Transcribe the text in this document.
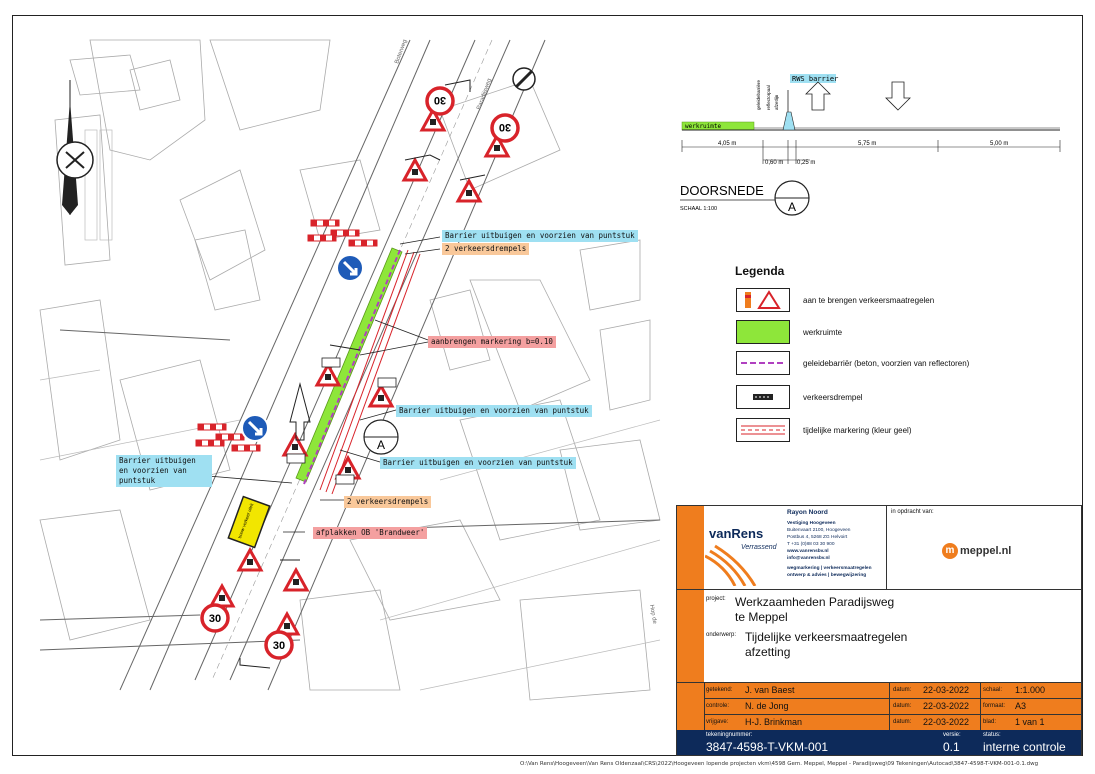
30
30
30
30
bouw verkeer uitrit
A
Boterweg
Paradijsweg
Hop de
Barrier uitbuigen en voorzien van puntstuk
2 verkeersdrempels
aanbrengen markering b=0.10
Barrier uitbuigen en voorzien van puntstuk
Barrier uitbuigen en voorzien van puntstuk
Barrier uitbuigen en voorzien van puntstuk
2 verkeersdrempels
afplakken OB 'Brandweer'
RWS barrier
werkruimte
geleidebarrière reflectorpaal afzetlijn
4,05 m
0,60 m 0,25 m
5,75 m	5,00 m
DOORSNEDE
SCHAAL 1:100	A
Legenda
aan te brengen verkeersmaatregelen
werkruimte
geleidebarriër (beton, voorzien van reflectoren)
verkeersdrempel
tijdelijke markering (kleur geel)
vanRens
Verrassend
Rayon Noord
Vestiging Hoogeveen
Buitenvaart 2100, Hoogeveen
Postbus 4, 5268 ZG Helvoirt
T +31 (0)88 03 30 900
www.vanrensbv.nl
info@vanrensbv.nl
wegmarkering | verkeersmaatregelen
ontwerp & advies | bewegwijzering
in opdracht van:
m meppel.nl
project: Werkzaamheden Paradijsweg
te Meppel
onderwerp: Tijdelijke verkeersmaatregelen
afzetting
getekend: J. van Baest	datum: 22-03-2022 schaal: 1:1.000
controle: N. de Jong	datum: 22-03-2022 formaat: A3
vrijgave: H-J. Brinkman	datum: 22-03-2022 blad: 1 van 1
tekeningnummer:
3847-4598-T-VKM-001
versie:
0.1
status:
interne controle
O:\Van Rens\Hoogeveen\Van Rens Oldenzaal\CRS\2022\Hoogeveen lopende projecten vkm\4598 Gem. Meppel, Meppel - Paradijsweg\09 Tekeningen\Autocad\3847-4598-T-VKM-001-0.1.dwg
